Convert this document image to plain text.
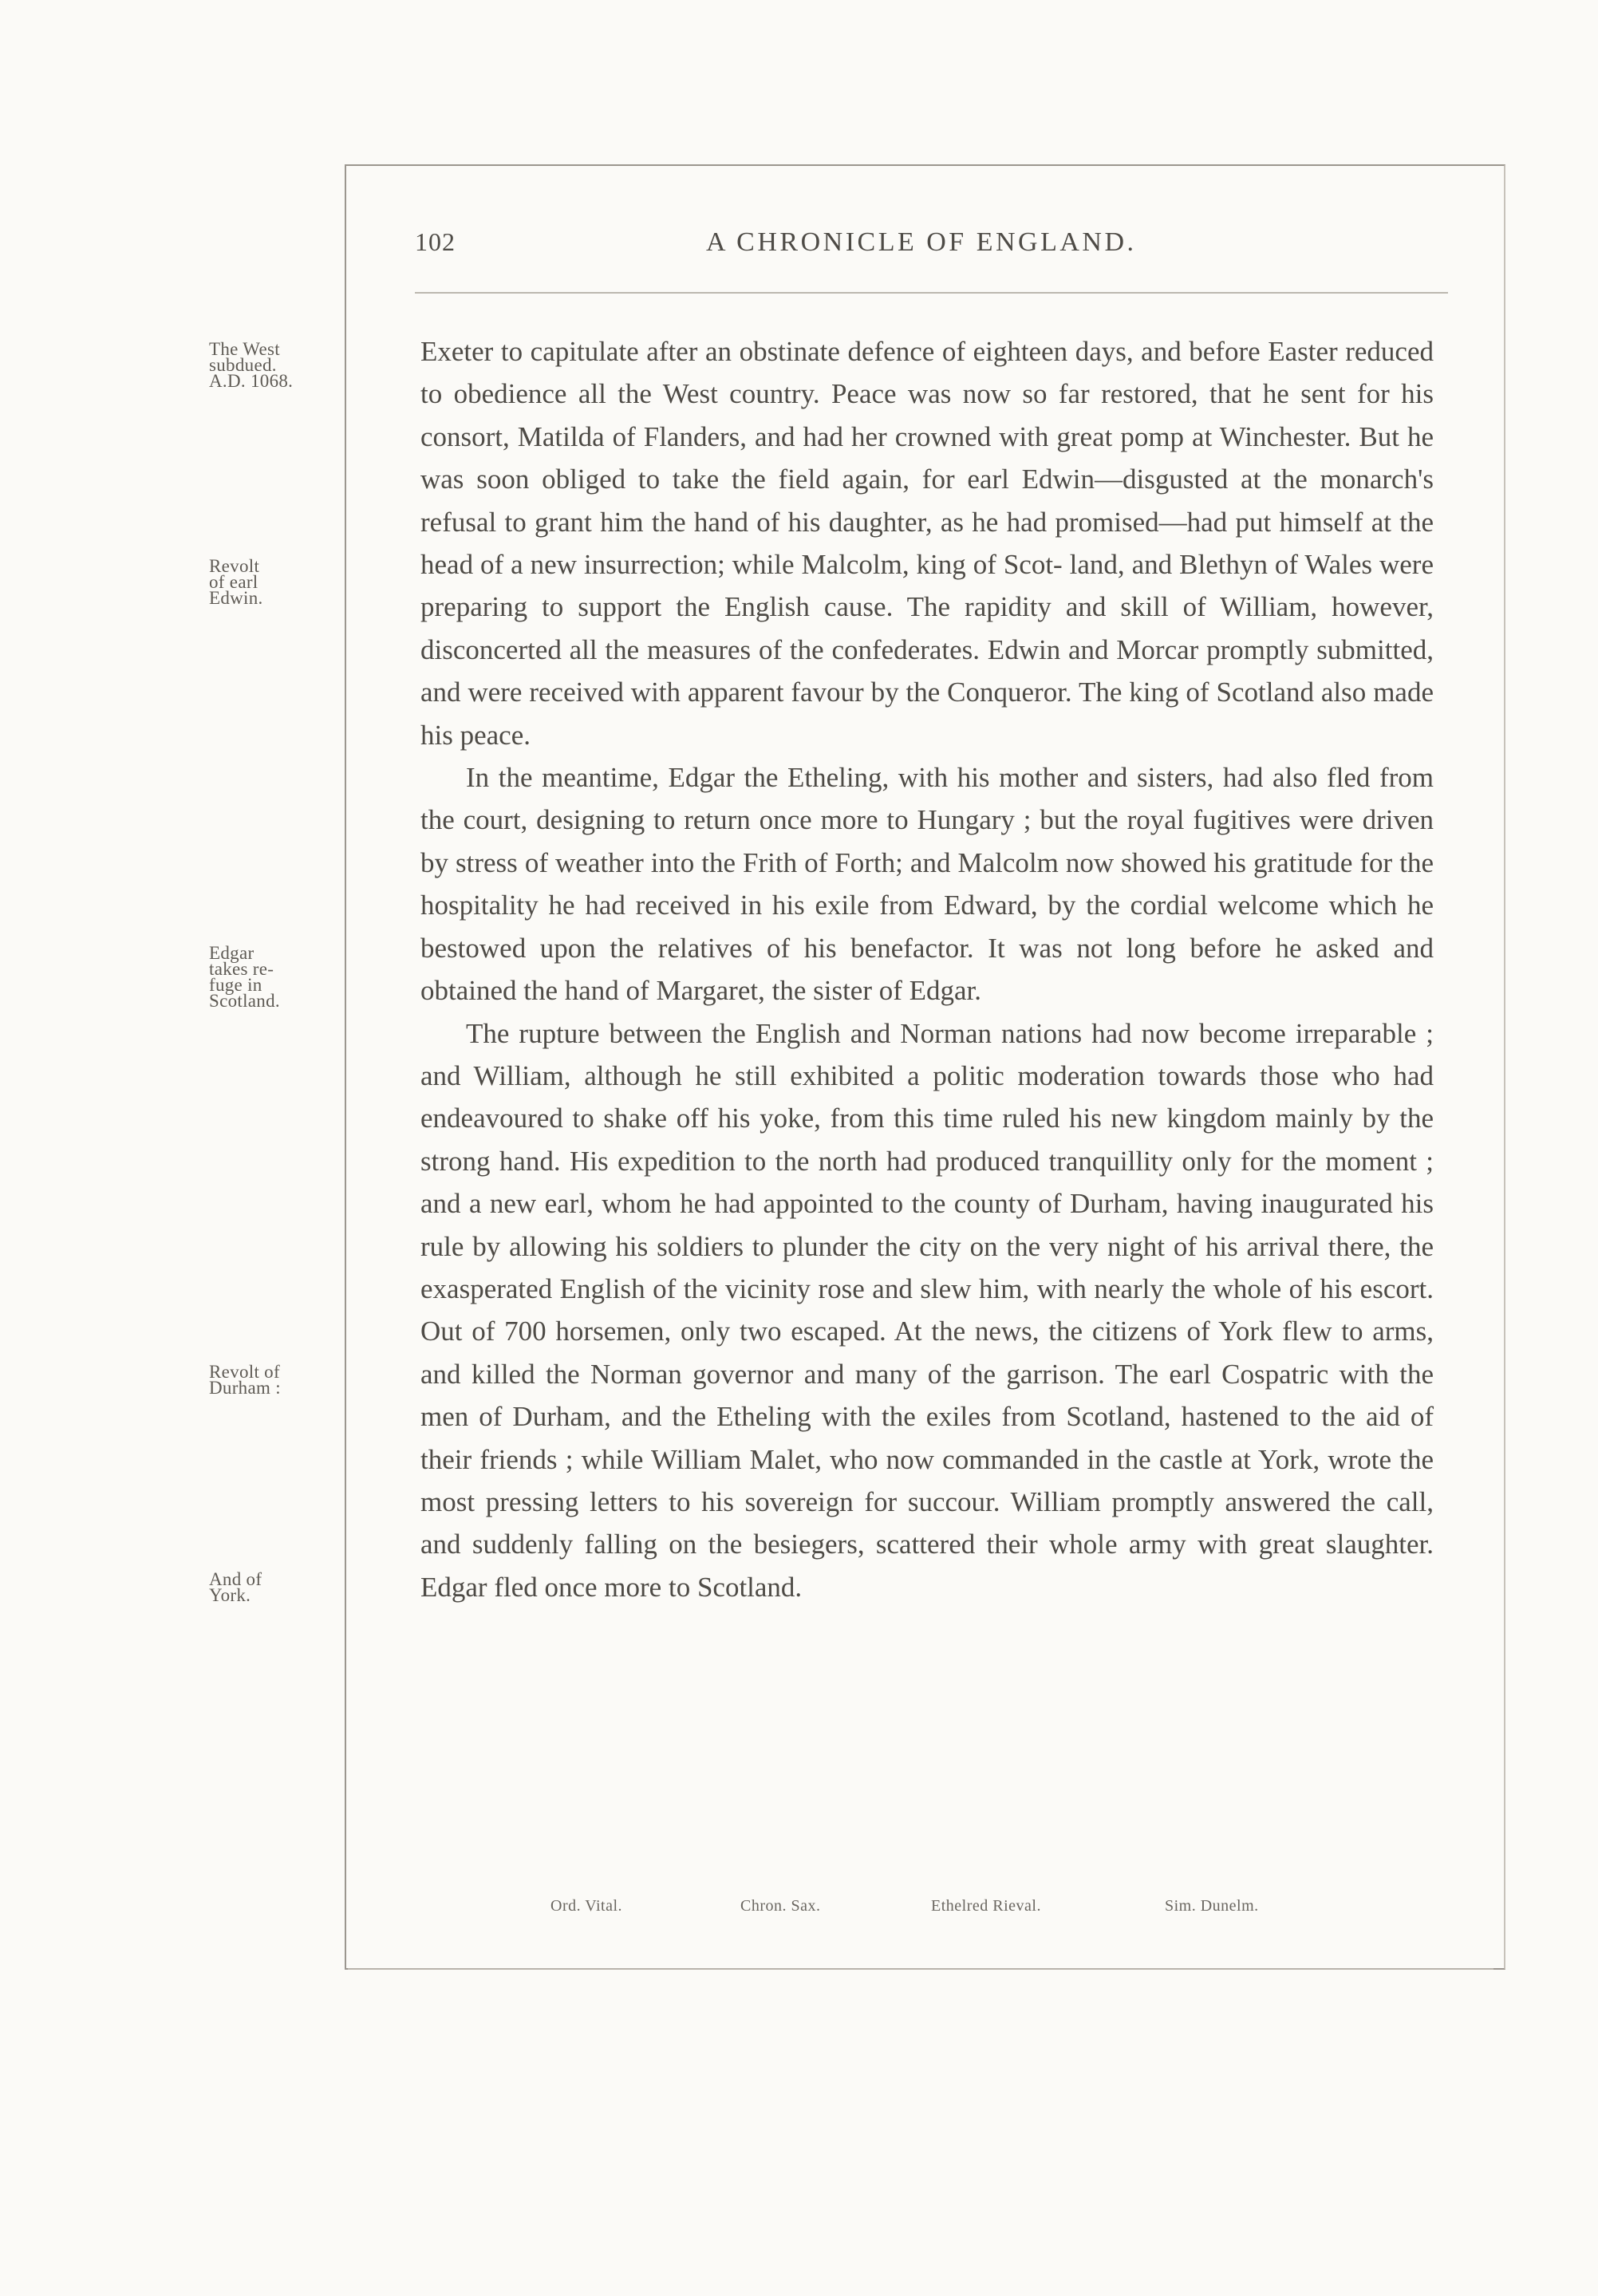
102	A CHRONICLE OF ENGLAND.
The West
subdued.
A.D. 1068.
Revolt
of earl
Edwin.
Edgar
takes re-
fuge in
Scotland.
Revolt of
Durham :
And of
York.

Exeter to capitulate after an obstinate defence of eighteen days, and before Easter reduced to obedience all the West country. Peace was now so far restored, that he sent for his consort, Matilda of Flanders, and had her crowned with great pomp at Winchester. But he was soon obliged to take the field again, for earl Edwin—disgusted at the monarch's refusal to grant him the hand of his daughter, as he had promised—had put himself at the head of a new insurrection; while Malcolm, king of Scot- land, and Blethyn of Wales were preparing to support the English cause. The rapidity and skill of William, however, disconcerted all the measures of the confederates. Edwin and Morcar promptly submitted, and were received with apparent favour by the Conqueror. The king of Scotland also made his peace.

In the meantime, Edgar the Etheling, with his mother and sisters, had also fled from the court, designing to return once more to Hungary ; but the royal fugitives were driven by stress of weather into the Frith of Forth; and Malcolm now showed his gratitude for the hospitality he had received in his exile from Edward, by the cordial welcome which he bestowed upon the relatives of his benefactor. It was not long before he asked and obtained the hand of Margaret, the sister of Edgar.

The rupture between the English and Norman nations had now become irreparable ; and William, although he still exhibited a politic moderation towards those who had endeavoured to shake off his yoke, from this time ruled his new kingdom mainly by the strong hand. His expedition to the north had produced tranquillity only for the moment ; and a new earl, whom he had appointed to the county of Durham, having inaugurated his rule by allowing his soldiers to plunder the city on the very night of his arrival there, the exasperated English of the vicinity rose and slew him, with nearly the whole of his escort. Out of 700 horsemen, only two escaped. At the news, the citizens of York flew to arms, and killed the Norman governor and many of the garrison. The earl Cospatric with the men of Durham, and the Etheling with the exiles from Scotland, hastened to the aid of their friends ; while William Malet, who now commanded in the castle at York, wrote the most pressing letters to his sovereign for succour. William promptly answered the call, and suddenly falling on the besiegers, scattered their whole army with great slaughter. Edgar fled once more to Scotland.

Ord. Vital.	Chron. Sax.	Ethelred Rieval.	Sim. Dunelm.
